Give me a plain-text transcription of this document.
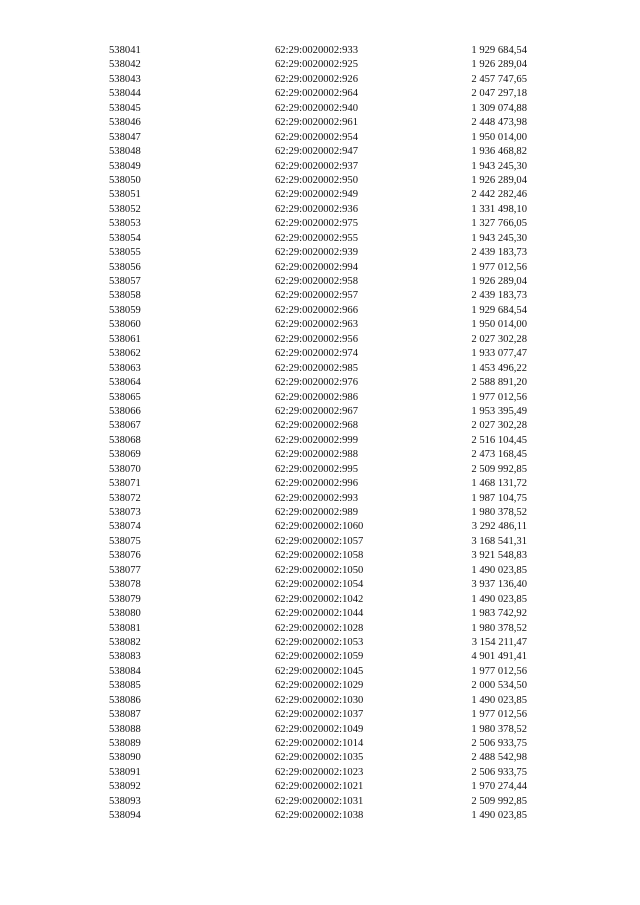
538041	62:29:0020002:933	1 929 684,54
538042	62:29:0020002:925	1 926 289,04
538043	62:29:0020002:926	2 457 747,65
538044	62:29:0020002:964	2 047 297,18
538045	62:29:0020002:940	1 309 074,88
538046	62:29:0020002:961	2 448 473,98
538047	62:29:0020002:954	1 950 014,00
538048	62:29:0020002:947	1 936 468,82
538049	62:29:0020002:937	1 943 245,30
538050	62:29:0020002:950	1 926 289,04
538051	62:29:0020002:949	2 442 282,46
538052	62:29:0020002:936	1 331 498,10
538053	62:29:0020002:975	1 327 766,05
538054	62:29:0020002:955	1 943 245,30
538055	62:29:0020002:939	2 439 183,73
538056	62:29:0020002:994	1 977 012,56
538057	62:29:0020002:958	1 926 289,04
538058	62:29:0020002:957	2 439 183,73
538059	62:29:0020002:966	1 929 684,54
538060	62:29:0020002:963	1 950 014,00
538061	62:29:0020002:956	2 027 302,28
538062	62:29:0020002:974	1 933 077,47
538063	62:29:0020002:985	1 453 496,22
538064	62:29:0020002:976	2 588 891,20
538065	62:29:0020002:986	1 977 012,56
538066	62:29:0020002:967	1 953 395,49
538067	62:29:0020002:968	2 027 302,28
538068	62:29:0020002:999	2 516 104,45
538069	62:29:0020002:988	2 473 168,45
538070	62:29:0020002:995	2 509 992,85
538071	62:29:0020002:996	1 468 131,72
538072	62:29:0020002:993	1 987 104,75
538073	62:29:0020002:989	1 980 378,52
538074	62:29:0020002:1060	3 292 486,11
538075	62:29:0020002:1057	3 168 541,31
538076	62:29:0020002:1058	3 921 548,83
538077	62:29:0020002:1050	1 490 023,85
538078	62:29:0020002:1054	3 937 136,40
538079	62:29:0020002:1042	1 490 023,85
538080	62:29:0020002:1044	1 983 742,92
538081	62:29:0020002:1028	1 980 378,52
538082	62:29:0020002:1053	3 154 211,47
538083	62:29:0020002:1059	4 901 491,41
538084	62:29:0020002:1045	1 977 012,56
538085	62:29:0020002:1029	2 000 534,50
538086	62:29:0020002:1030	1 490 023,85
538087	62:29:0020002:1037	1 977 012,56
538088	62:29:0020002:1049	1 980 378,52
538089	62:29:0020002:1014	2 506 933,75
538090	62:29:0020002:1035	2 488 542,98
538091	62:29:0020002:1023	2 506 933,75
538092	62:29:0020002:1021	1 970 274,44
538093	62:29:0020002:1031	2 509 992,85
538094	62:29:0020002:1038	1 490 023,85
